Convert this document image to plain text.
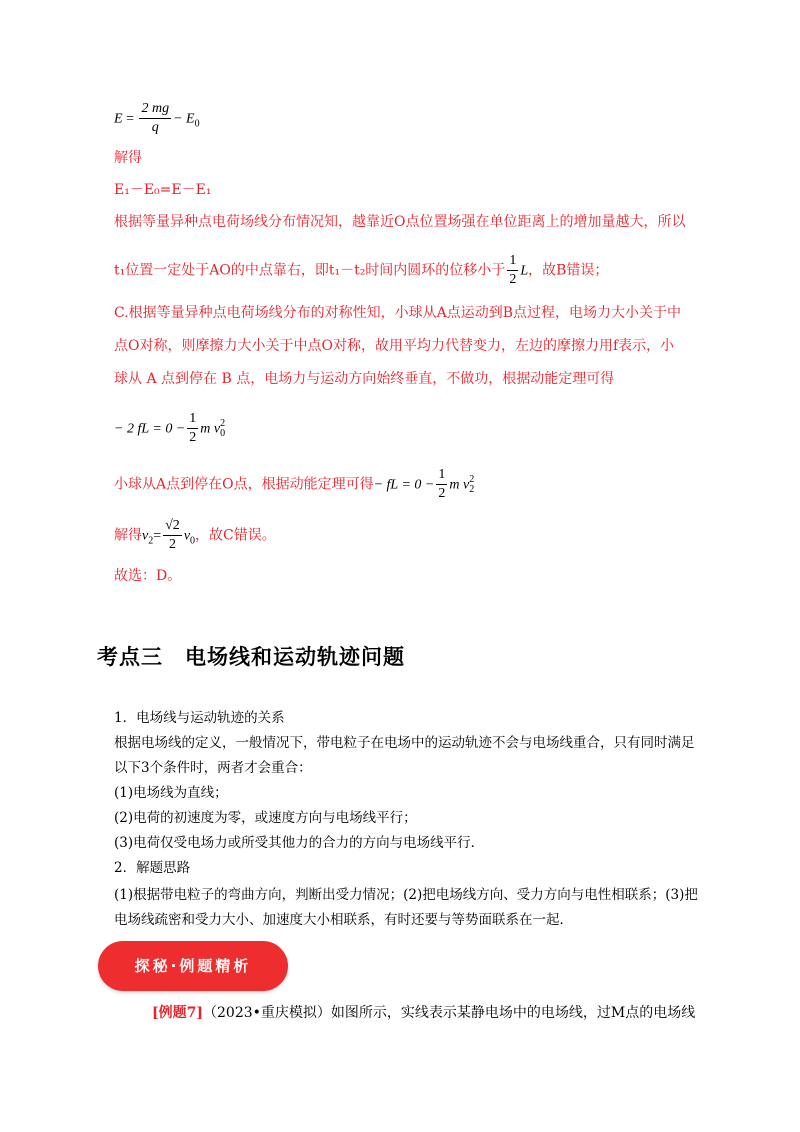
$E = \frac{2 mg}{q} - E_0$
解得
E₁－E₀=E－E₁
根据等量异种点电荷场线分布情况知，越靠近O点位置场强在单位距离上的增加量越大，所以
t₁位置一定处于AO的中点靠右，即t₁－t₂时间内圆环的位移小于 $\frac{1}{2}$ L，故B错误；
C.根据等量异种点电荷场线分布的对称性知，小球从A点运动到B点过程，电场力大小关于中
点O对称，则摩擦力大小关于中点O对称，故用平均力代替变力，左边的摩擦力用f表示，小
球从 A 点到停在 B 点，电场力与运动方向始终垂直，不做功，根据动能定理可得
− 2 fL = $0 - \frac{1}{2}$ m v 2
0
小球从A点到停在O点，根据动能定理可得− fL = $0 - \frac{1}{2}$ m v 2
2
解得$v_2= \frac{√2}{2} v_0$，故C错误。
故选：D。
考点三　电场线和运动轨迹问题
1．电场线与运动轨迹的关系
根据电场线的定义，一般情况下，带电粒子在电场中的运动轨迹不会与电场线重合，只有同时满足
以下3个条件时，两者才会重合：
(1)电场线为直线；
(2)电荷的初速度为零，或速度方向与电场线平行；
(3)电荷仅受电场力或所受其他力的合力的方向与电场线平行．
2．解题思路
(1)根据带电粒子的弯曲方向，判断出受力情况；(2)把电场线方向、受力方向与电性相联系；(3)把
电场线疏密和受力大小、加速度大小相联系，有时还要与等势面联系在一起．
探秘·例题精析
[例题7]（2023•重庆模拟）如图所示，实线表示某静电场中的电场线，过M点的电场线
